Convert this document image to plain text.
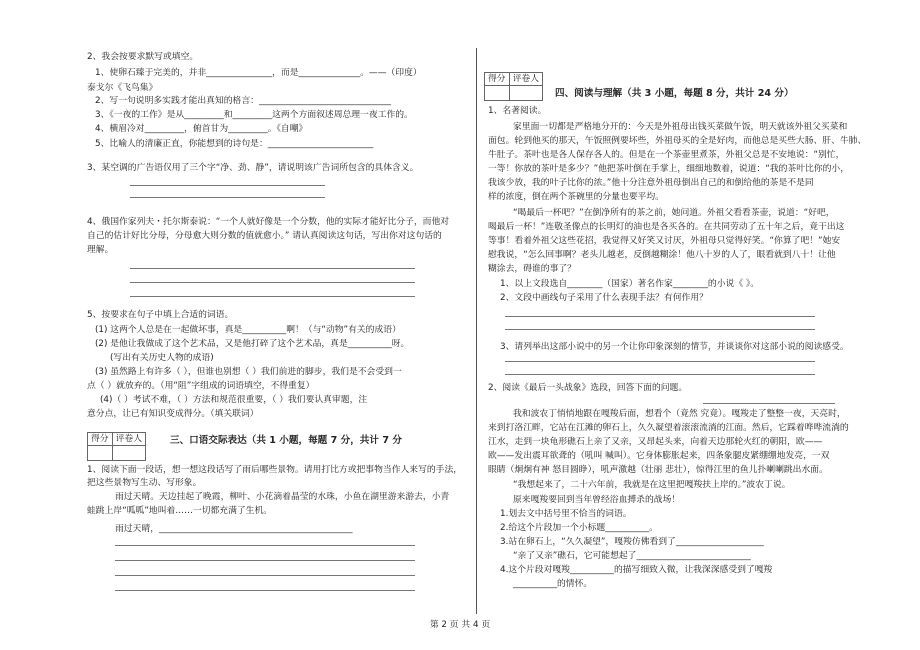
2、我会按要求默写或填空。
1、使卵石臻于完美的，并非_______________，而是______________。——（印度）
泰戈尔《飞鸟集》
2、写一句说明多实践才能出真知的格言：______________________________
3、《一夜的工作》是从_________和_________这两个方面叙述周总理一夜工作的。
4、横眉冷对_________，俯首甘为_________。《自嘲》
5、比喻人的清廉正直，你能想到的诗句是：________________________
3、某空调的广告语仅用了三个字“净、劲、静”，请说明该广告词所包含的具体含义。
4、俄国作家列夫・托尔斯泰说：“一个人就好像是一个分数，他的实际才能好比分子，而他对
自己的估计好比分母，分母愈大则分数的值就愈小。” 请认真阅读这句话，写出你对这句话的
理解。
5、按要求在句子中填上合适的词语。
(1) 这两个人总是在一起做坏事，真是__________啊！（与“动物”有关的成语）
(2) 是他让我做成了这个艺术品，又是他打碎了这个艺术品，真是__________呀。
(写出有关历史人物的成语)
(3) 虽然路上有许多（ ），但谁也别想（ ）我们前进的脚步，我们是不会受到一
点（ ）就放弃的。（用“阻”字组成的词语填空，不得重复）
(4)（ ）考试不难，（ ）方法和规范很重要，（ ）我们要认真审题，注
意分点，让已有知识变成得分。（填关联词）
得分	评卷人
		三、口语交际表达（共 1 小题，每题 7 分，共计 7 分
1、阅读下面一段话，想一想这段话写了雨后哪些景物。请用打比方或把事物当作人来写的手法，
把这些景物写生动、写形象。
雨过天晴。天边挂起了晚霞，柳叶、小花滴着晶莹的水珠，小鱼在湖里游来游去，小青
蛙跳上岸“呱呱”地叫着……一切都充满了生机。
雨过天晴，____________________________________________
得分	评卷人

四、阅读与理解（共 3 小题，每题 8 分，共计 24 分）
1、名著阅读。
家里面一切都是严格地分开的：今天是外祖母出钱买菜做午饭，明天就该外祖父买菜和
面包。轮到他买的那天，午饭照例要坏些，外祖母买的全是好肉，而他总是买些大肠、肝、牛肺、
牛肚子。茶叶也是各人保存各人的。但是在一个茶壶里煮茶，外祖父总是不安地说：“别忙，
一等！你放的茶叶是多少？”他把茶叶倒在手掌上，细细地数着，说道：“我的茶叶比你的小，
我该少放，我的叶子比你的浓。”他十分注意外祖母倒出自己的和倒给他的茶是不是同
样的浓度，倒在两个茶碗里的分量也要平均。
“喝最后一杯吧？”在倒净所有的茶之前，她问道。外祖父看看茶壶，说道：“好吧，
喝最后一杯！”连敬圣像点的长明灯的油也是各买各的。在共同劳动了五十年之后，竟干出这
等事！看着外祖父这些花招，我觉得又好笑又讨厌，外祖母只觉得好笑。“你算了吧！”她安
慰我说，“怎么回事啊？老头儿越老，反倒越糊涂！他八十岁的人了，眼看就到八十！让他
糊涂去，碍谁的事了？
1、以上文段选自________（国家）著名作家________的小说《 》。
2、文段中画线句子采用了什么表现手法？有何作用？
3、请列举出这部小说中的另一个让你印象深刻的情节，并谈谈你对这部小说的阅读感受。
2、阅读《最后一头战象》选段，回答下面的问题。
我和波农丁悄悄地跟在嘎羧后面，想看个（竟然 究竟）。嘎羧走了整整一夜，天亮时，
来到打洛江畔，它站在江滩的卵石上，久久凝望着滚滚流淌的江面。然后，它踩着哗哗流淌的
江水，走到一块龟形礁石上亲了又亲，又昂起头来，向着天边那轮火红的朝阳，欧——
欧——发出震耳欲聋的（吼叫 喊叫）。它身体膨胀起来，四条象腿皮紧绷绷地发亮，一双
眼睛（炯炯有神 怒目圆睁），吼声激越（壮丽 悲壮），惊得江里的鱼儿扑喇喇跳出水面。
“我想起来了，二十六年前，我就是在这里把嘎羧扶上岸的。”波农丁说。
原来嘎羧要回到当年曾经浴血搏杀的战场！
1.划去文中括号里不恰当的词语。
2.给这个片段加一个小标题__________。
3.站在卵石上，“久久凝望”，嘎羧仿佛看到了____________________
“亲了又亲”礁石，它可能想起了__________________________
4.这个片段对嘎羧__________的描写细致入微，让我深深感受到了嘎羧
__________的情怀。
第 2 页 共 4 页
